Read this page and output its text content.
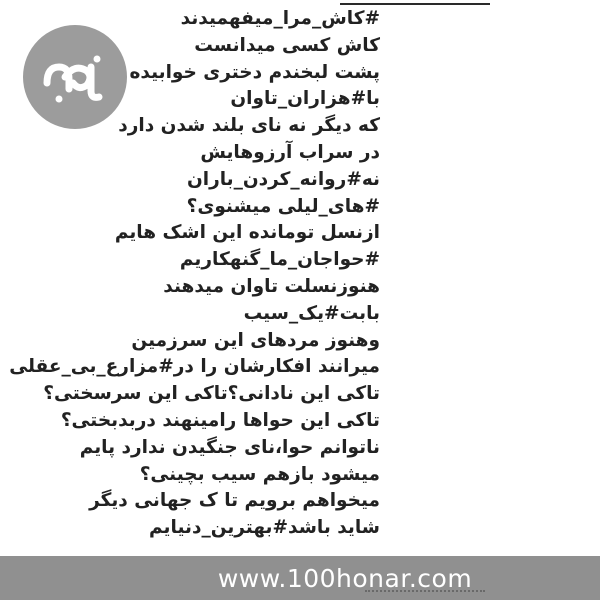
#کاش_مرا_میفهمیدند
کاش کسی میدانست
پشت لبخندم دختری خوابیده
با#هزاران_تاوان
که دیگر نه نای بلند شدن دارد
در سراب آرزوهایش
نه#روانه_کردن_باران
#های_لیلی میشنوی؟
ازنسل تومانده این اشک هایم
#حواجان_ما_گنهکاریم
هنوزنسلت تاوان میدهند
بابت#یک_سیب
وهنوز مردهای این سرزمین
میرانند افکارشان را در#مزارع_بی_عقلی
تاکی این نادانی؟تاکی این سرسختی؟
تاکی این حواها رامینهند دربدبختی؟
ناتوانم حوا،نای جنگیدن ندارد پایم
میشود بازهم سیب بچینی؟
میخواهم برویم تا ک جهانی دیگر
شاید باشد#بهترین_دنیایم
www.100honar.com
